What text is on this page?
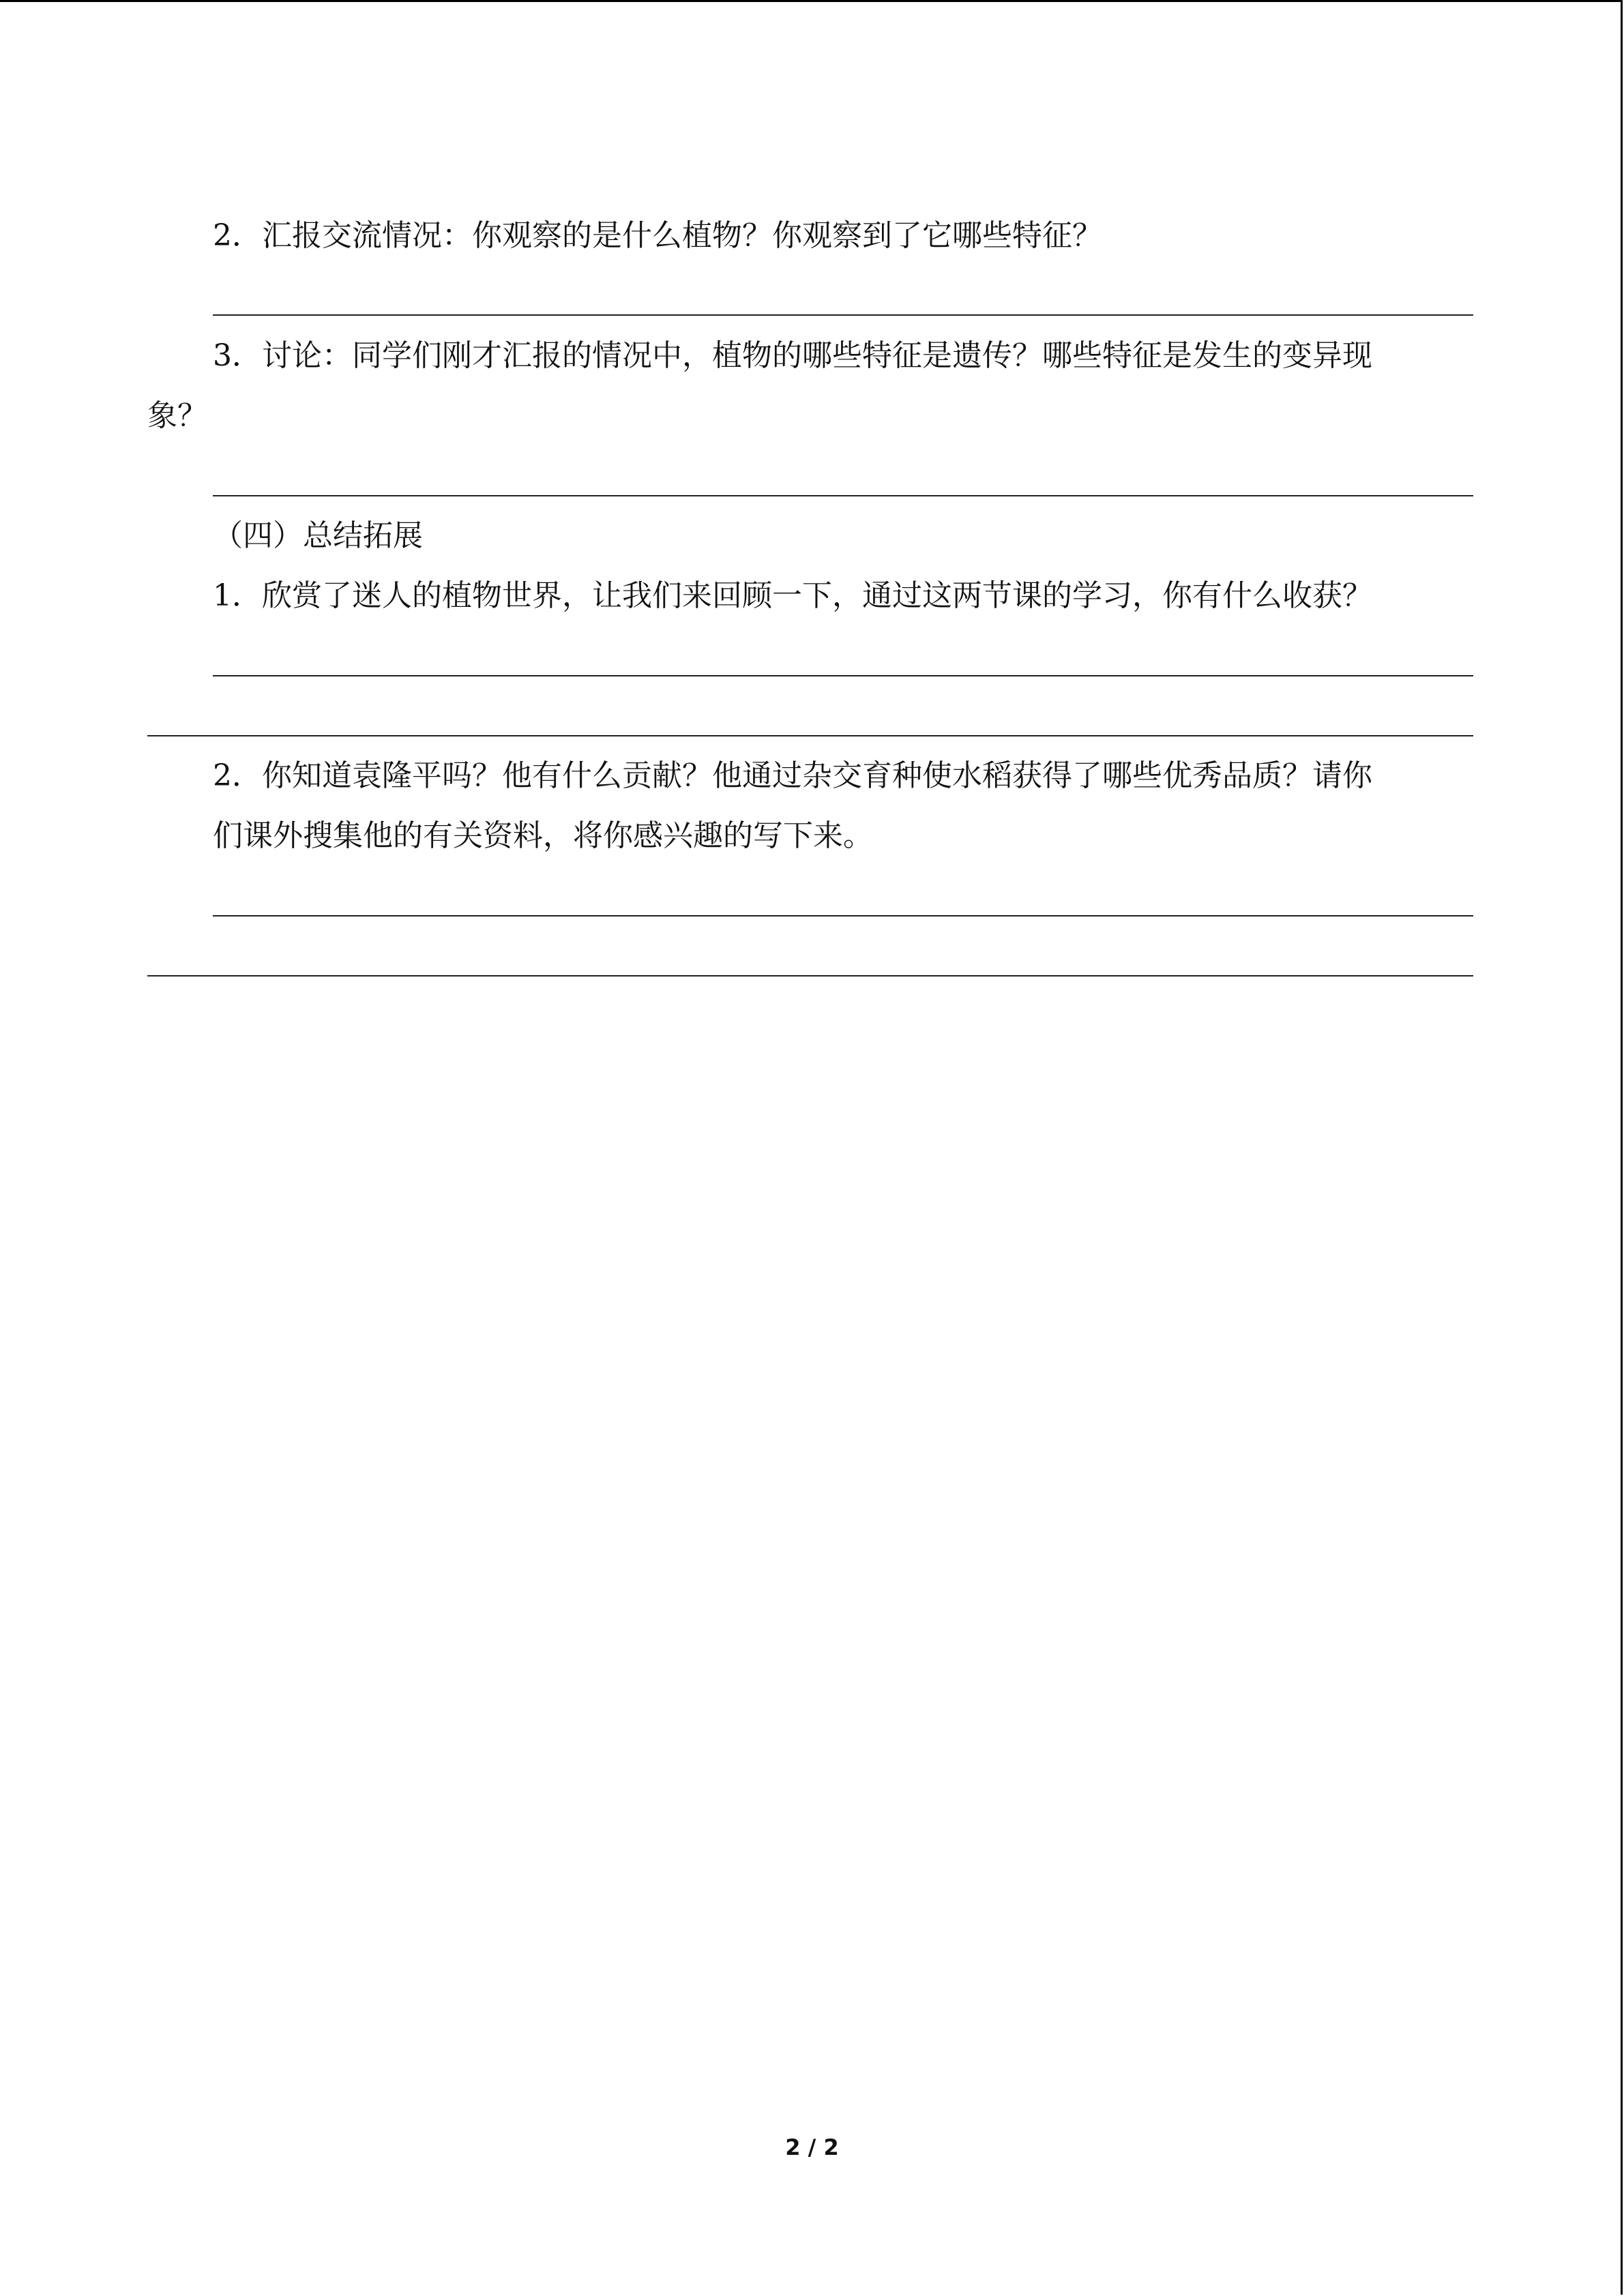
2．汇报交流情况：你观察的是什么植物？你观察到了它哪些特征？
3．讨论：同学们刚才汇报的情况中，植物的哪些特征是遗传？哪些特征是发生的变异现
象？
（四）总结拓展
1．欣赏了迷人的植物世界，让我们来回顾一下，通过这两节课的学习，你有什么收获？
2．你知道袁隆平吗？他有什么贡献？他通过杂交育种使水稻获得了哪些优秀品质？请你
们课外搜集他的有关资料，将你感兴趣的写下来。
2 / 2
